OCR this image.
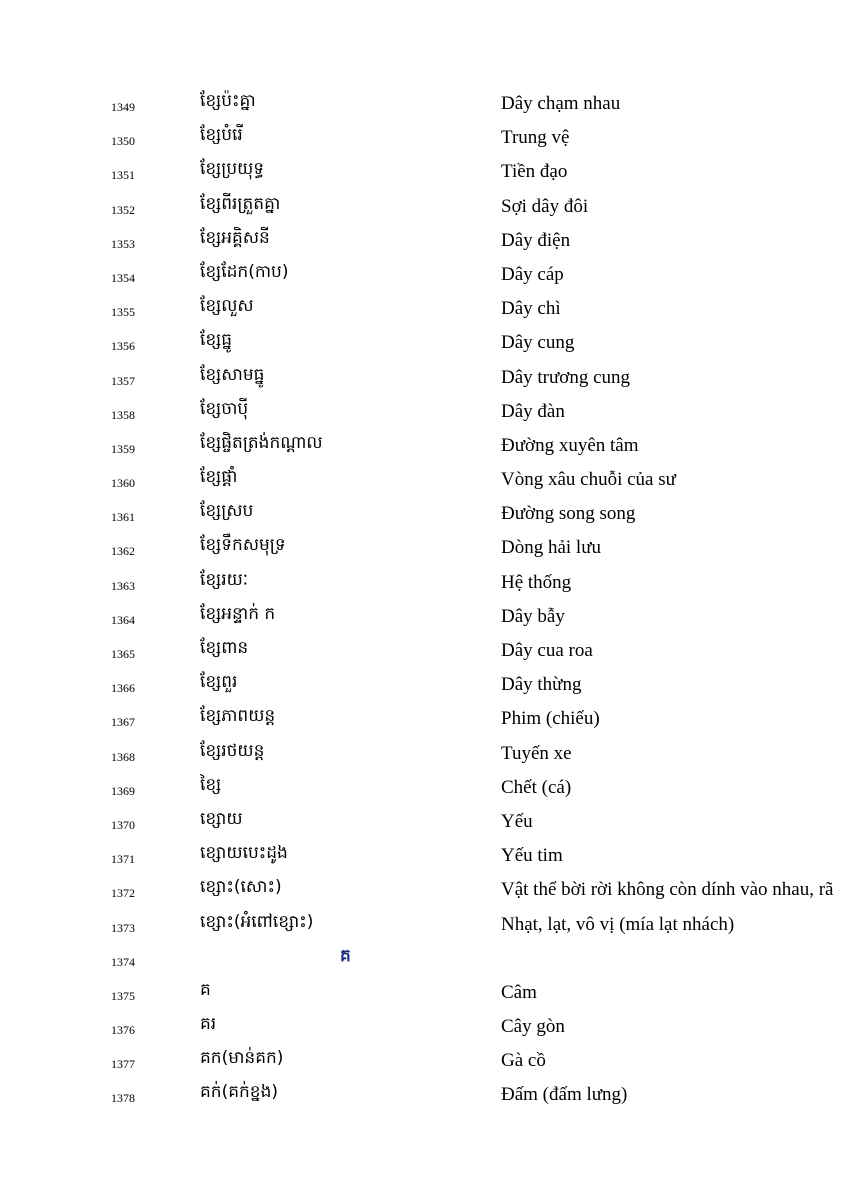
1349	ខ្សែប៉ះគ្នា	Dây chạm nhau
1350	ខ្សែបំរើ	Trung vệ
1351	ខ្សែប្រយុទ្ធ	Tiền đạo
1352	ខ្សែពីរត្រួតគ្នា	Sợi dây đôi
1353	ខ្សែអគ្គិសនី	Dây điện
1354	ខ្សែដែក(កាប)	Dây cáp
1355	ខ្សែលួស	Dây chì
1356	ខ្សែធ្នូ	Dây cung
1357	ខ្សែសាមធ្នូ	Dây trương cung
1358	ខ្សែចាប៉ី	Dây đàn
1359	ខ្សែផ្ចិតត្រង់កណ្តាល	Đường xuyên tâm
1360	ខ្សែផ្តាំ	Vòng xâu chuỗi của sư
1361	ខ្សែស្រប	Đường song song
1362	ខ្សែទឹកសមុទ្រ	Dòng hải lưu
1363	ខ្សែរយៈ	Hệ thống
1364	ខ្សែអន្ទាក់ ក	Dây bẫy
1365	ខ្សែពាន	Dây cua roa
1366	ខ្សែពួរ	Dây thừng
1367	ខ្សែភាពយន្ត	Phim (chiếu)
1368	ខ្សែរថយន្ត	Tuyến xe
1369	ខ្សៃ	Chết (cá)
1370	ខ្សោយ	Yếu
1371	ខ្សោយបេះដូង	Yếu tim
1372	ខ្សោះ(សោះ)	Vật thể bời rời không còn dính vào nhau, rã
1373	ខ្សោះ(អំពៅខ្សោះ)	Nhạt, lạt, vô vị (mía lạt nhách)
1374	គ
1375	គ	Câm
1376	គរ	Cây gòn
1377	គក(មាន់គក)	Gà cồ
1378	គក់(គក់ខ្នង)	Đấm (đấm lưng)
